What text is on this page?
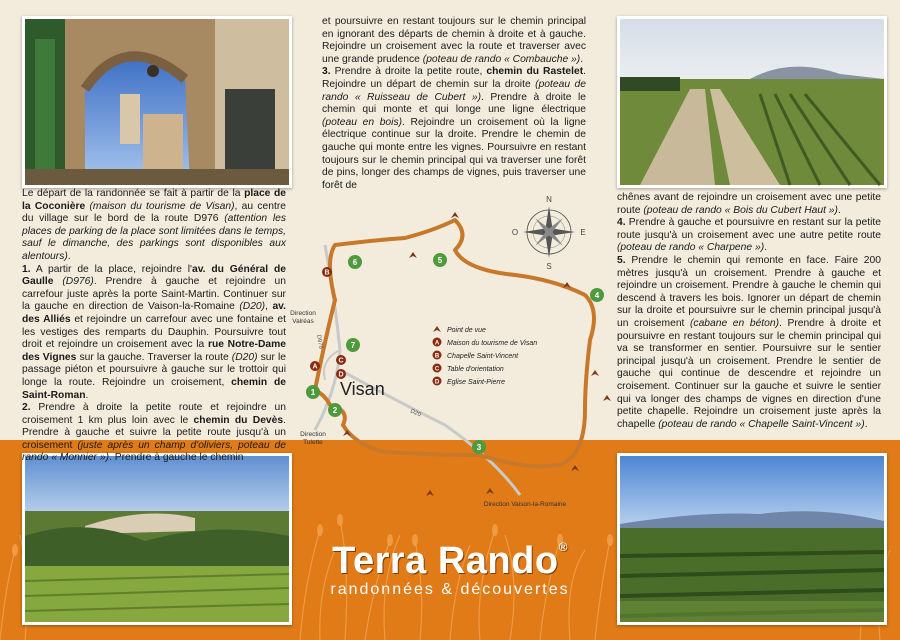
Le départ de la randonnée se fait à partir de la place de la Coconière (maison du tourisme de Visan), au centre du village sur le bord de la route D976 (attention les places de parking de la place sont limitées dans le temps, sauf le dimanche, des parkings sont disponibles aux alentours).

1. A partir de la place, rejoindre l'av. du Général de Gaulle (D976). Prendre à gauche et rejoindre un carrefour juste après la porte Saint-Martin. Continuer sur la gauche en direction de Vaison-la-Romaine (D20), av. des Alliés et rejoindre un carrefour avec une fontaine et les vestiges des remparts du Dauphin. Poursuivre tout droit et rejoindre un croisement avec la rue Notre-Dame des Vignes sur la gauche. Traverser la route (D20) sur le passage piéton et poursuivre à gauche sur le trottoir qui longe la route. Rejoindre un croisement, chemin de Saint-Roman.

2. Prendre à droite la petite route et rejoindre un croisement 1 km plus loin avec le chemin du Devès. Prendre à gauche et suivre la petite route jusqu'à un croisement (juste après un champ d'oliviers, poteau de rando « Monnier »). Prendre à gauche le chemin

et poursuivre en restant toujours sur le chemin principal en ignorant des départs de chemin à droite et à gauche. Rejoindre un croisement avec la route et traverser avec une grande prudence (poteau de rando « Combauche »).

3. Prendre à droite la petite route, chemin du Rastelet. Rejoindre un départ de chemin sur la droite (poteau de rando « Ruisseau de Cubert »). Prendre à droite le chemin qui monte et qui longe une ligne électrique (poteau en bois). Rejoindre un croisement où la ligne électrique continue sur la droite. Prendre le chemin de gauche qui monte entre les vignes. Poursuivre en restant toujours sur le chemin principal qui va traverser une forêt de pins, longer des champs de vignes, puis traverser une forêt de

chênes avant de rejoindre un croisement avec une petite route (poteau de rando « Bois du Cubert Haut »).

4. Prendre à gauche et poursuivre en restant sur la petite route jusqu'à un croisement avec une autre petite route (poteau de rando « Charpene »).

5. Prendre le chemin qui remonte en face. Faire 200 mètres jusqu'à un croisement. Prendre à gauche et rejoindre un croisement. Prendre à gauche le chemin qui descend à travers les bois. Ignorer un départ de chemin sur la droite et poursuivre sur le chemin principal jusqu'à un croisement (cabane en béton). Prendre à droite et poursuivre en restant toujours sur le chemin principal qui va se transformer en sentier. Poursuivre sur le sentier principal jusqu'à un croisement. Prendre le sentier de gauche qui continue de descendre et rejoindre un croisement. Continuer sur la gauche et suivre le sentier qui va longer des champs de vignes en direction d'une petite chapelle. Rejoindre un croisement juste après la chapelle (poteau de rando « Chapelle Saint-Vincent »).

N
S
E
O
1
2
3
4
5
6
7
B
C
A
D
Visan
Direction
Valréas
Direction
Tulette
Direction Vaison-la-Romaine
D976
D20
Point de vue
A Maison du tourisme de Visan
B Chapelle Saint-Vincent
C Table d'orientation
D Eglise Saint-Pierre
Terra Rando®
randonnées & découvertes
